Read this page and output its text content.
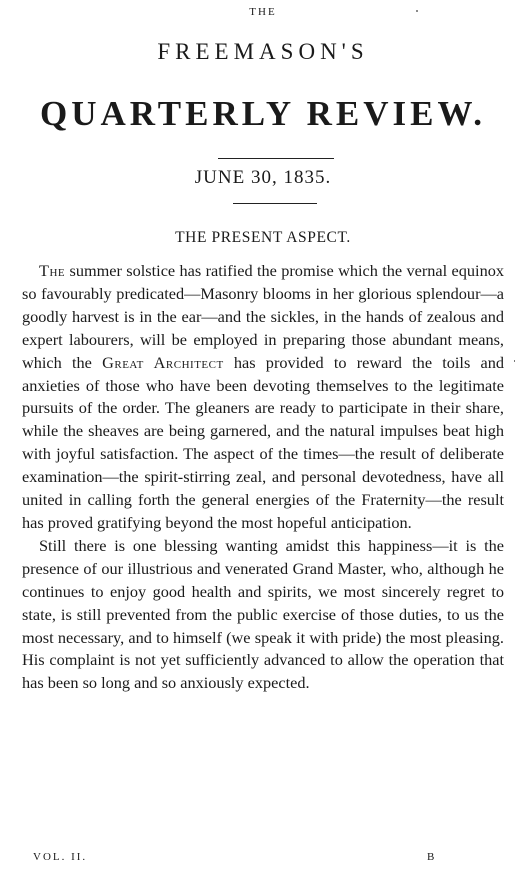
THE
FREEMASON'S
QUARTERLY REVIEW.
JUNE 30, 1835.
THE PRESENT ASPECT.

The summer solstice has ratified the promise which the vernal equinox so favourably predicated—Masonry blooms in her glorious splendour—a goodly harvest is in the ear—and the sickles, in the hands of zealous and expert labourers, will be employed in preparing those abundant means, which the Great Architect has provided to reward the toils and anxieties of those who have been devoting themselves to the legitimate pursuits of the order. The gleaners are ready to participate in their share, while the sheaves are being garnered, and the natural impulses beat high with joyful satisfaction. The aspect of the times—the result of deliberate examination—the spirit-stirring zeal, and personal devotedness, have all united in calling forth the general energies of the Fraternity—the result has proved gratifying beyond the most hopeful anticipation.

Still there is one blessing wanting amidst this happiness—it is the presence of our illustrious and venerated Grand Master, who, although he continues to enjoy good health and spirits, we most sincerely regret to state, is still prevented from the public exercise of those duties, to us the most necessary, and to himself (we speak it with pride) the most pleasing. His complaint is not yet sufficiently advanced to allow the operation that has been so long and so anxiously expected.

VOL. II.	B
